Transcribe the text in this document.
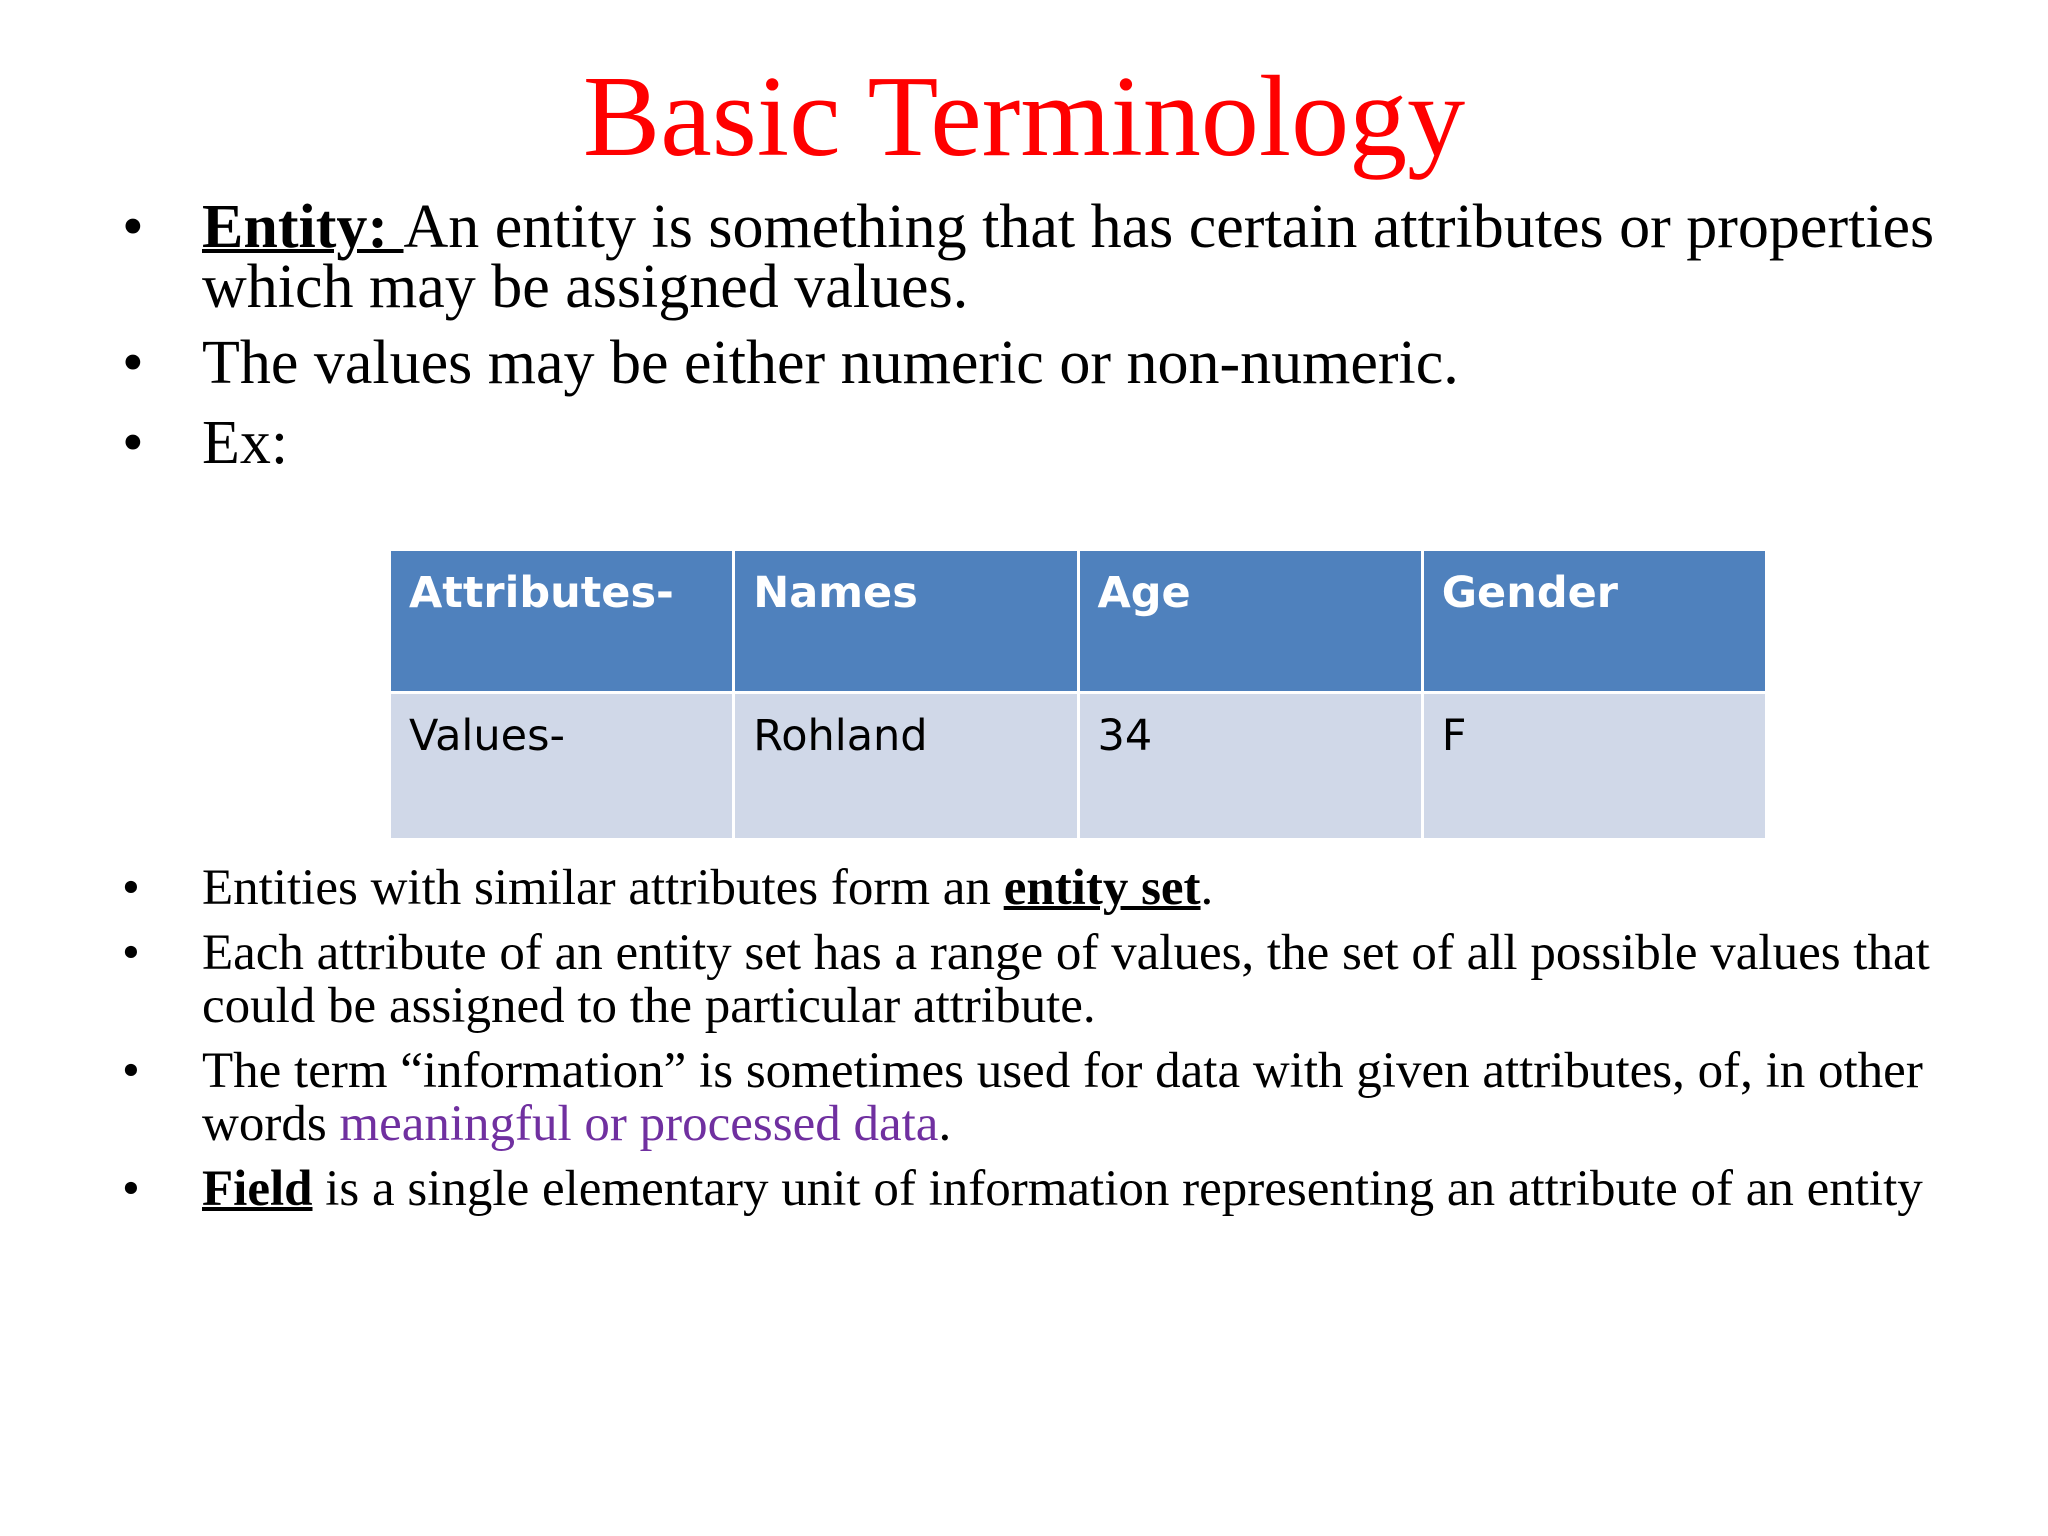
Basic Terminology
• Entity: An entity is something that has certain attributes or properties which may be assigned values.
• The values may be either numeric or non-numeric.
• Ex:
Attributes-	Names	Age	Gender
Values-	Rohland	34	F
• Entities with similar attributes form an entity set.
• Each attribute of an entity set has a range of values, the set of all possible values that could be assigned to the particular attribute.
• The term “information” is sometimes used for data with given attributes, of, in other words meaningful or processed data.
• Field is a single elementary unit of information representing an attribute of an entity
